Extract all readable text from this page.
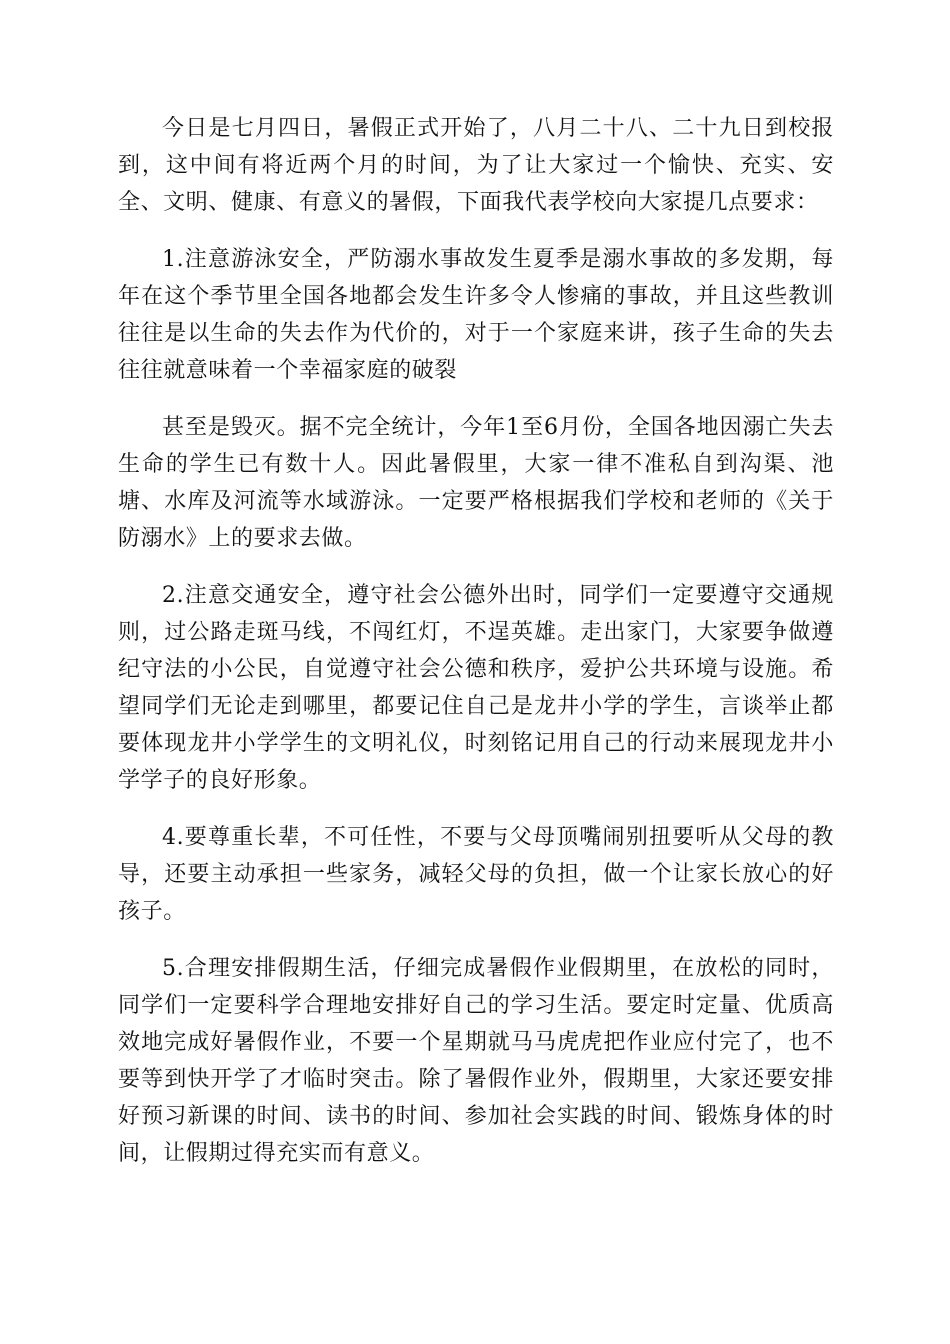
今日是七月四日，暑假正式开始了，八月二十八、二十九日到校报到，这中间有将近两个月的时间，为了让大家过一个愉快、充实、安全、文明、健康、有意义的暑假，下面我代表学校向大家提几点要求：

1.注意游泳安全，严防溺水事故发生夏季是溺水事故的多发期，每年在这个季节里全国各地都会发生许多令人惨痛的事故，并且这些教训往往是以生命的失去作为代价的，对于一个家庭来讲，孩子生命的失去往往就意味着一个幸福家庭的破裂

甚至是毁灭。据不完全统计，今年1至6月份，全国各地因溺亡失去生命的学生已有数十人。因此暑假里，大家一律不准私自到沟渠、池塘、水库及河流等水域游泳。一定要严格根据我们学校和老师的《关于防溺水》上的要求去做。

2.注意交通安全，遵守社会公德外出时，同学们一定要遵守交通规则，过公路走斑马线，不闯红灯，不逞英雄。走出家门，大家要争做遵纪守法的小公民，自觉遵守社会公德和秩序，爱护公共环境与设施。希望同学们无论走到哪里，都要记住自己是龙井小学的学生，言谈举止都要体现龙井小学学生的文明礼仪，时刻铭记用自己的行动来展现龙井小学学子的良好形象。

4.要尊重长辈，不可任性，不要与父母顶嘴闹别扭要听从父母的教导，还要主动承担一些家务，减轻父母的负担，做一个让家长放心的好孩子。

5.合理安排假期生活，仔细完成暑假作业假期里，在放松的同时，同学们一定要科学合理地安排好自己的学习生活。要定时定量、优质高效地完成好暑假作业，不要一个星期就马马虎虎把作业应付完了，也不要等到快开学了才临时突击。除了暑假作业外，假期里，大家还要安排好预习新课的时间、读书的时间、参加社会实践的时间、锻炼身体的时间，让假期过得充实而有意义。
